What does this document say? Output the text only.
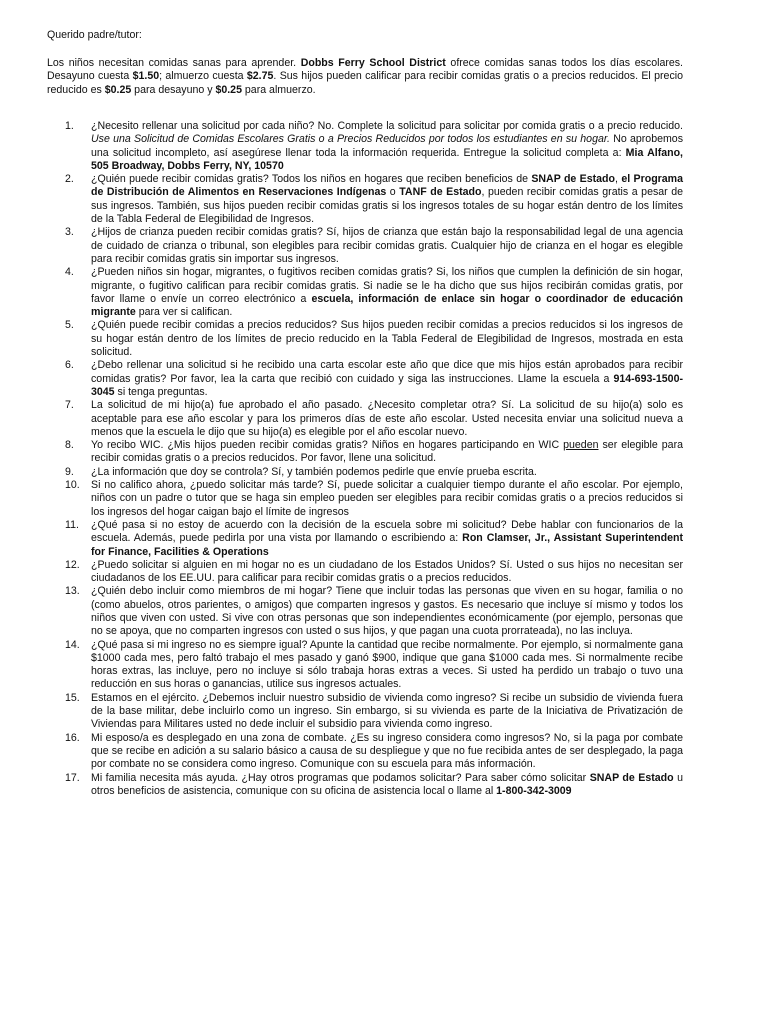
Querido padre/tutor:

Los niños necesitan comidas sanas para aprender. Dobbs Ferry School District ofrece comidas sanas todos los días escolares. Desayuno cuesta $1.50; almuerzo cuesta $2.75. Sus hijos pueden calificar para recibir comidas gratis o a precios reducidos. El precio reducido es $0.25 para desayuno y $0.25 para almuerzo.

1.	¿Necesito rellenar una solicitud por cada niño? No. Complete la solicitud para solicitar por comida gratis o a precio reducido. Use una Solicitud de Comidas Escolares Gratis o a Precios Reducidos por todos los estudiantes en su hogar. No aprobemos una solicitud incompleto, así asegúrese llenar toda la información requerida. Entregue la solicitud completa a: Mia Alfano, 505 Broadway, Dobbs Ferry, NY, 10570
2.	¿Quién puede recibir comidas gratis? Todos los niños en hogares que reciben beneficios de SNAP de Estado, el Programa de Distribución de Alimentos en Reservaciones Indígenas o TANF de Estado, pueden recibir comidas gratis a pesar de sus ingresos. También, sus hijos pueden recibir comidas gratis si los ingresos totales de su hogar están dentro de los límites de la Tabla Federal de Elegibilidad de Ingresos.
3.	¿Hijos de crianza pueden recibir comidas gratis? Sí, hijos de crianza que están bajo la responsabilidad legal de una agencia de cuidado de crianza o tribunal, son elegibles para recibir comidas gratis. Cualquier hijo de crianza en el hogar es elegible para recibir comidas gratis sin importar sus ingresos.
4.	¿Pueden niños sin hogar, migrantes, o fugitivos reciben comidas gratis? Si, los niños que cumplen la definición de sin hogar, migrante, o fugitivo califican para recibir comidas gratis. Si nadie se le ha dicho que sus hijos recibirán comidas gratis, por favor llame o envíe un correo electrónico a escuela, información de enlace sin hogar o coordinador de educación migrante para ver si califican.
5.	¿Quién puede recibir comidas a precios reducidos? Sus hijos pueden recibir comidas a precios reducidos si los ingresos de su hogar están dentro de los límites de precio reducido en la Tabla Federal de Elegibilidad de Ingresos, mostrada en esta solicitud.
6.	¿Debo rellenar una solicitud si he recibido una carta escolar este año que dice que mis hijos están aprobados para recibir comidas gratis? Por favor, lea la carta que recibió con cuidado y siga las instrucciones. Llame la escuela a 914-693-1500-3045 si tenga preguntas.
7.	La solicitud de mi hijo(a) fue aprobado el año pasado. ¿Necesito completar otra? Sí. La solicitud de su hijo(a) solo es aceptable para ese año escolar y para los primeros días de este año escolar. Usted necesita enviar una solicitud nueva a menos que la escuela le dijo que su hijo(a) es elegible por el año escolar nuevo.
8.	Yo recibo WIC. ¿Mis hijos pueden recibir comidas gratis? Niños en hogares participando en WIC pueden ser elegible para recibir comidas gratis o a precios reducidos. Por favor, llene una solicitud.
9.	¿La información que doy se controla? Sí, y también podemos pedirle que envíe prueba escrita.
10.	Si no califico ahora, ¿puedo solicitar más tarde? Sí, puede solicitar a cualquier tiempo durante el año escolar. Por ejemplo, niños con un padre o tutor que se haga sin empleo pueden ser elegibles para recibir comidas gratis o a precios reducidos si los ingresos del hogar caigan bajo el límite de ingresos
11.	¿Qué pasa si no estoy de acuerdo con la decisión de la escuela sobre mi solicitud? Debe hablar con funcionarios de la escuela. Además, puede pedirla por una vista por llamando o escribiendo a: Ron Clamser, Jr., Assistant Superintendent for Finance, Facilities & Operations
12.	¿Puedo solicitar si alguien en mi hogar no es un ciudadano de los Estados Unidos? Sí. Usted o sus hijos no necesitan ser ciudadanos de los EE.UU. para calificar para recibir comidas gratis o a precios reducidos.
13.	¿Quién debo incluir como miembros de mi hogar? Tiene que incluir todas las personas que viven en su hogar, familia o no (como abuelos, otros parientes, o amigos) que comparten ingresos y gastos. Es necesario que incluye sí mismo y todos los niños que viven con usted. Si vive con otras personas que son independientes económicamente (por ejemplo, personas que no se apoya, que no comparten ingresos con usted o sus hijos, y que pagan una cuota prorrateada), no las incluya.
14.	¿Qué pasa si mi ingreso no es siempre igual? Apunte la cantidad que recibe normalmente. Por ejemplo, si normalmente gana $1000 cada mes, pero faltó trabajo el mes pasado y ganó $900, indique que gana $1000 cada mes. Si normalmente recibe horas extras, las incluye, pero no incluye si sólo trabaja horas extras a veces. Si usted ha perdido un trabajo o tuvo una reducción en sus horas o ganancias, utilice sus ingresos actuales.
15.	Estamos en el ejército. ¿Debemos incluir nuestro subsidio de vivienda como ingreso? Si recibe un subsidio de vivienda fuera de la base militar, debe incluirlo como un ingreso. Sin embargo, si su vivienda es parte de la Iniciativa de Privatización de Viviendas para Militares usted no dede incluir el subsidio para vivienda como ingreso.
16.	Mi esposo/a es desplegado en una zona de combate. ¿Es su ingreso considera como ingresos? No, si la paga por combate que se recibe en adición a su salario básico a causa de su despliegue y que no fue recibida antes de ser desplegado, la paga por combate no se considera como ingreso. Comunique con su escuela para más información.
17.	Mi familia necesita más ayuda. ¿Hay otros programas que podamos solicitar? Para saber cómo solicitar SNAP de Estado u otros beneficios de asistencia, comunique con su oficina de asistencia local o llame al 1-800-342-3009
